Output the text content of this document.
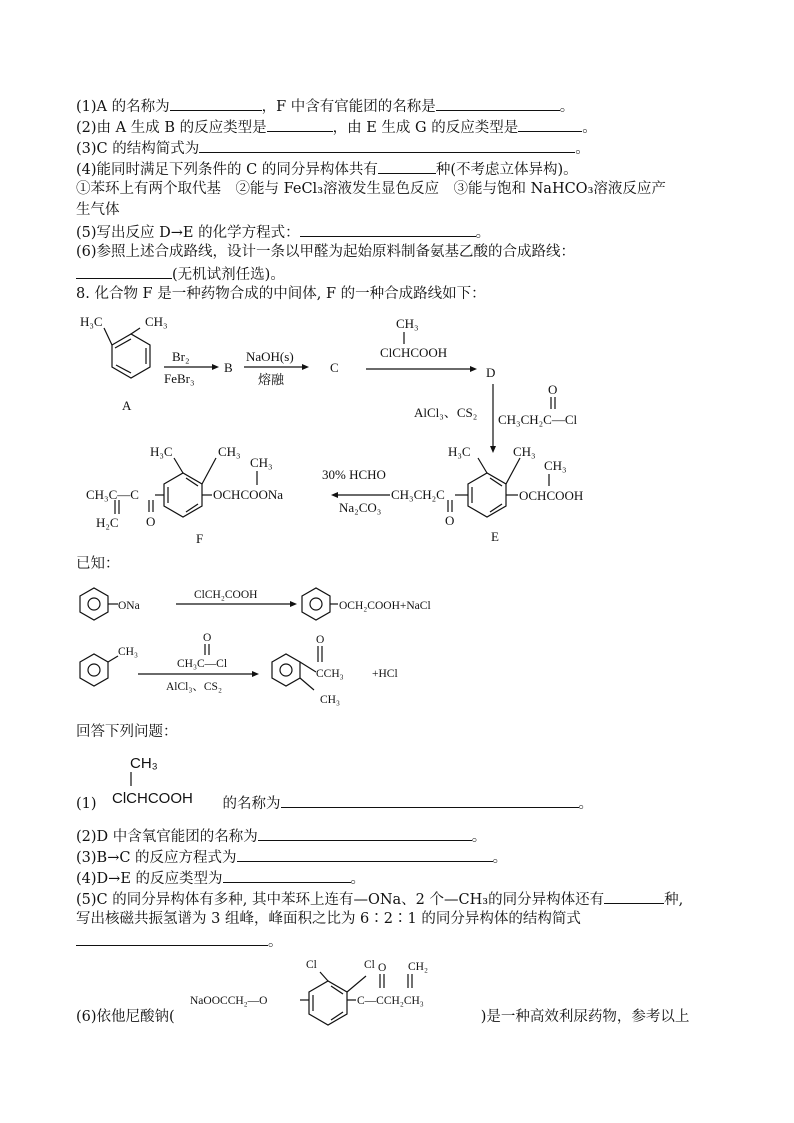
(1)A 的名称为	，F 中含有官能团的名称是	。
(2)由 A 生成 B 的反应类型是	，由 E 生成 G 的反应类型是	。
(3)C 的结构简式为	。
(4)能同时满足下列条件的 C 的同分异构体共有	种(不考虑立体异构)。
①苯环上有两个取代基　②能与 FeCl₃溶液发生显色反应　③能与饱和 NaHCO₃溶液反应产
生气体
(5)写出反应 D→E 的化学方程式：	。
(6)参照上述合成路线，设计一条以甲醛为起始原料制备氨基乙酸的合成路线：
(无机试剂任选)。
8. 化合物 F 是一种药物合成的中间体, F 的一种合成路线如下：
H₃C	CH₃
A
Br₂
FeBr₃
B
NaOH(s)
熔融
C
CH₃
ClCHCOOH
D
AlCl₃、CS₂
O
CH₃CH₂C—Cl
H₃C	CH₃
CH₃CH₂C
O
CH₃
OCHCOOH
E
30% HCHO
Na₂CO₃
H₃C	CH₃
CH₃C—C
H₂C O
CH₃
OCHCOONa
F
ONa
ClCH₂COOH
OCH₂COOH+NaCl
CH₃
O
CH₃C—Cl
AlCl₃、CS₂
O
CCH₃
CH₃
+HCl
CH₃
ClCHCOOH
Cl	Cl O CH₂
NaOOCCH₂—O	C—CCH₂CH₃
已知：
回答下列问题：
(1)	的名称为	。
(2)D 中含氧官能团的名称为	。
(3)B→C 的反应方程式为	。
(4)D→E 的反应类型为	。
(5)C 的同分异构体有多种, 其中苯环上连有—ONa、2 个—CH₃的同分异构体还有	种,
写出核磁共振氢谱为 3 组峰，峰面积之比为 6∶2∶1 的同分异构体的结构简式
。
(6)依他尼酸钠(	)是一种高效利尿药物，参考以上
